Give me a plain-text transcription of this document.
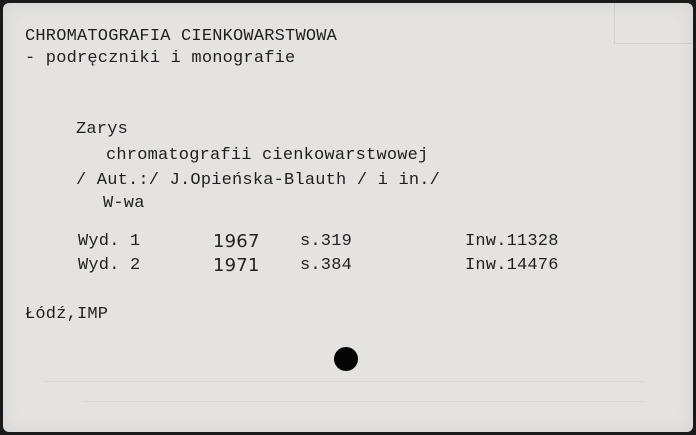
CHROMATOGRAFIA CIENKOWARSTWOWA
- podręczniki i monografie
Zarys
chromatografii cienkowarstwowej
/ Aut.:/ J.Opieńska-Blauth / i in./
W-wa
Wyd. 1	1967 s.319	Inw.11328
Wyd. 2	1971 s.384	Inw.14476
Łódź,IMP
